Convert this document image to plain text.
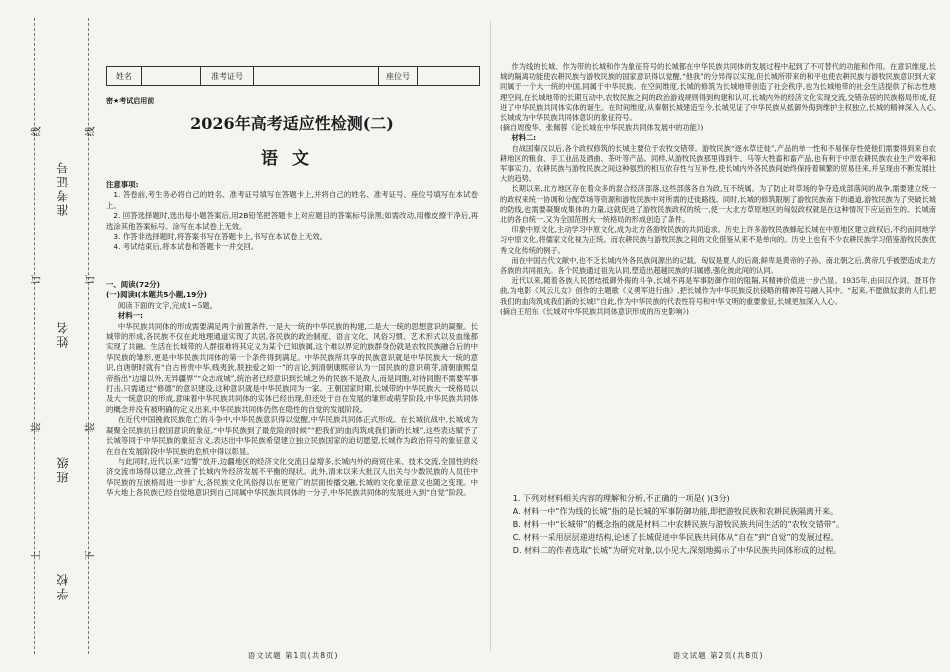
线	线
订	订
装	装
上	下
准考证号
姓名
班级
学校
姓名	准考证号	座位号
密★考试启用前
2026年高考适应性检测(二)
语文

注意事项:

1. 答卷前,考生务必将自己的姓名、准考证号填写在答题卡上,并将自己的姓名、准考证号、座位号填写在本试卷上。

2. 回答选择题时,选出每小题答案后,用2B铅笔把答题卡上对应题目的答案标号涂黑;如需改动,用橡皮擦干净后,再选涂其他答案标号。涂写在本试卷上无效。

3. 作答非选择题时,将答案书写在答题卡上,书写在本试卷上无效。

4. 考试结束后,将本试卷和答题卡一并交回。

一、阅读(72分)

(一)阅读Ⅰ(本题共5小题,19分)

阅读下面的文字,完成1~5题。

材料一:

中华民族共同体的形成需要满足两个前置条件,一是大一统的中华民族的构建,二是大一统的思想意识的凝聚。长城带的形成,各民族不仅在此地理通道实现了共居,各民族的政治制度、语言文化、风俗习惯、艺术形式以及血缘都实现了共融。生活在长城带的人群很难将其定义为某个已知族属,这个难以界定的族群身份就是农牧民族融合后的中华民族的雏形,更是中华民族共同体的第一个条件得到满足。中华民族所共享的民族意识就是中华民族大一统的意识,自唐朝时就有“自古皆贵中华,贱夷狄,朕独爱之如一”的言论,到清朝康熙帝认为一国民族的意识萌芽,清朝康熙皇帝指出“边墙以外,无异疆界”“众志成城”,统治者已经意识到长城之外的民族不是敌人,而是同胞,对待同胞不需要军事打击,只需通过“修德”的意识建设,这种意识就是中华民族同为一家。王朝国家时期,长城带的中华民族大一统格局以及大一统意识的形成,意味着中华民族共同体的实体已经出现,但还处于自在发展的雏形或萌芽阶段,中华民族共同体的概念并没有被明确的定义出来,中华民族共同体仍然在隐性的自觉的发展阶段。

在近代中国挽救民族危亡的斗争中,中华民族意识得以觉醒,中华民族共同体正式形成。在长城抗战中,长城成为凝聚全民族抗日救国意识的象征,“中华民族到了最危险的时候”“把我们的血肉筑成我们新的长城”,这些表达赋予了长城等同于中华民族的象征含义,表达出中华民族希望建立独立民族国家的迫切愿望,长城作为政治符号的象征意义在自在发展阶段中华民族的危机中得以彰显。

与此同时,近代以来“边警”放开,边疆地区的经济文化交流日益增多,长城内外的商贸往来、技术交流,全国性的经济交流市场得以建立,改善了长城内外经济发展不平衡的现状。此外,清末以来大批汉人出关与少数民族的人员往中华民族的互嵌格局进一步扩大,各民族文化风俗得以在更宽广的层面传播交融,长城的文化象征意义也随之变现。中华大地上各民族已经自觉地意识到自己同属中华民族共同体的一分子,中华民族共同体的发展进入到“自觉”阶段。

语文试题 第1页(共8页)

作为线的长城、作为带的长城和作为象征符号的长城都在中华民族共同体的发展过程中起到了不可替代的功能和作用。在意识维度,长城的隔离功能使农耕民族与游牧民族的国家意识得以觉醒,“他我”的分异得以实现,但长城所带来的和平也使农耕民族与游牧民族意识到大家同属于一个大一统的中国,同属于中华民族。在空间维度,长城的修筑为长城地带创造了社会秩序,也为长城地带的社会生活提供了标志性地理空间,在长城地带的长期互动中,农牧民族之间的政治游戏规则得到构建和认可,长城内外的经济文化实现交流,交错杂居的民族格局形成,促进了中华民族共同体实体的诞生。在时间维度,从秦朝长城建造至今,长城见证了中华民族从抵御外侮到维护主权独立,长城的精神深入人心,长城成为中华民族共同体意识的象征符号。

(摘自周俊华、张佩蓉《论长城在中华民族共同体发展中的功能》)

材料二:

自战国秦汉以后,各个政权修筑的长城主要位于农牧交错带。游牧民族“逐水草迁徙”,产品的单一性和不易保存性使他们需要得到来自农耕地区的粮食、手工业品及酒曲、茶叶等产品。同样,从游牧民族那里得到牛、马等大牲畜和畜产品,也有利于中原农耕民族农业生产效率和军事实力。农耕民族与游牧民族之间这种强烈的相互依存性与互补性,使长城内外各民族间始终保持着频繁的贸易往来,并呈现由不断发展壮大的趋势。

长期以来,北方地区存在着众多的混合经济部落,这些部落各自为政,互不统属。为了防止对草场的争夺造成部落间的战争,需要建立统一的政权来统一协调和分配草场等资源和游牧民族中对所需的迁徙路线。同时,长城的修筑限制了游牧民族南下的通道,游牧民族为了突破长城的防线,也需要凝聚成集体的力量,这就促进了游牧民族政权的统一,使一大北方草原地区的匈奴政权就是在这种情况下应运而生的。长城南北的各自统一,又为全国范围大一统格局的形成创造了条件。

印象中原文化,主动学习中原文化,成为北方各游牧民族的共同追求。历史上许多游牧民族蜂起长城在中原地区建立政权后,不约而同地学习中原文化,将儒家文化视为正统。而农耕民族与游牧民族之间的文化借鉴从来不是单向的。历史上也有不少农耕民族学习借鉴游牧民族优秀文化传统的例子。

而在中国古代文献中,也不乏长城内外各民族间源出的记载。匈奴是夏人的后裔,鲜卑是黄帝的子孙。南北朝之后,黄帝几乎被塑造成北方各族的共同祖先。各个民族通过祖先认同,塑造出超越民族的归属感,强化彼此间的认同。

近代以来,随着各族人民团结抵御外侮的斗争,长城不再是军事防御作用的阻隔,其精神价值进一步凸显。1935年,由田汉作词、聂耳作曲,为电影《风云儿女》创作的主题歌《义勇军进行曲》,把长城作为中华民族反抗侵略的精神符号融入其中。“起来,不愿做奴隶的人们,把我们的血肉筑成我们新的长城!”自此,作为中华民族的代表性符号和中华文明的重要象征,长城更加深入人心。

(摘自王绍东《长城对中华民族共同体意识形成的历史影响》)

1. 下列对材料相关内容的理解和分析,不正确的一项是( )(3分)

A. 材料一中“作为线的长城”指的是长城的军事防御功能,即把游牧民族和农耕民族隔离开来。

B. 材料一中“长城带”的概念指的就是材料二中农耕民族与游牧民族共同生活的“农牧交错带”。

C. 材料一采用层层递进结构,论述了长城促进中华民族共同体从“自在”到“自觉”的发展过程。

D. 材料二的作者选取“长城”为研究对象,以小见大,深刻地揭示了中华民族共同体形成的过程。

语文试题 第2页(共8页)
